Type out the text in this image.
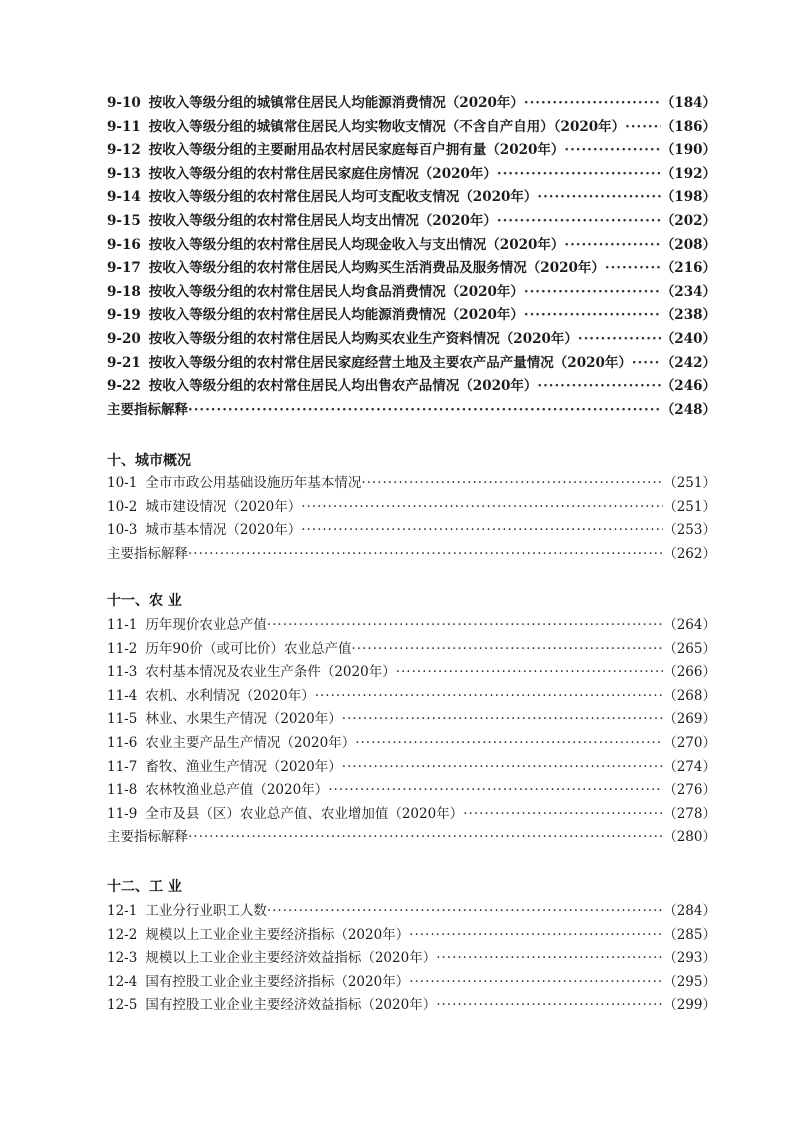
9-10 按收入等级分组的城镇常住居民人均能源消费情况（2020年） ·····	（184）
9-11 按收入等级分组的城镇常住居民人均实物收支情况（不含自产自用）（2020年） ·····	（186）
9-12 按收入等级分组的主要耐用品农村居民家庭每百户拥有量（2020年） ·····	（190）
9-13 按收入等级分组的农村常住居民家庭住房情况（2020年） ·····	（192）
9-14 按收入等级分组的农村常住居民人均可支配收支情况（2020年） ·····	（198）
9-15 按收入等级分组的农村常住居民人均支出情况（2020年） ·····	（202）
9-16 按收入等级分组的农村常住居民人均现金收入与支出情况（2020年） ·····	（208）
9-17 按收入等级分组的农村常住居民人均购买生活消费品及服务情况（2020年） ·····	（216）
9-18 按收入等级分组的农村常住居民人均食品消费情况（2020年） ·····	（234）
9-19 按收入等级分组的农村常住居民人均能源消费情况（2020年） ·····	（238）
9-20 按收入等级分组的农村常住居民人均购买农业生产资料情况（2020年） ·····	（240）
9-21 按收入等级分组的农村常住居民家庭经营土地及主要农产品产量情况（2020年） ····· （242）
9-22 按收入等级分组的农村常住居民人均出售农产品情况（2020年） ·····	（246）
主要指标解释 ·····	（248）
十、城市概况
10-1 全市市政公用基础设施历年基本情况 ·····	（251）
10-2 城市建设情况（2020年） ·····	（251）
10-3 城市基本情况（2020年） ·····	（253）
主要指标解释 ·····	（262）
十一、农 业
11-1 历年现价农业总产值 ·····	（264）
11-2 历年90价（或可比价）农业总产值 ·····	（265）
11-3 农村基本情况及农业生产条件（2020年） ·····	（266）
11-4 农机、水利情况（2020年） ·····	（268）
11-5 林业、水果生产情况（2020年） ·····	（269）
11-6 农业主要产品生产情况（2020年） ·····	（270）
11-7 畜牧、渔业生产情况（2020年） ·····	（274）
11-8 农林牧渔业总产值（2020年） ·····	（276）
11-9 全市及县（区）农业总产值、农业增加值（2020年） ·····	（278）
主要指标解释 ·····	（280）
十二、工 业
12-1 工业分行业职工人数 ·····	（284）
12-2 规模以上工业企业主要经济指标（2020年） ·····	（285）
12-3 规模以上工业企业主要经济效益指标（2020年） ·····	（293）
12-4 国有控股工业企业主要经济指标（2020年） ·····	（295）
12-5 国有控股工业企业主要经济效益指标（2020年） ·····	（299）
